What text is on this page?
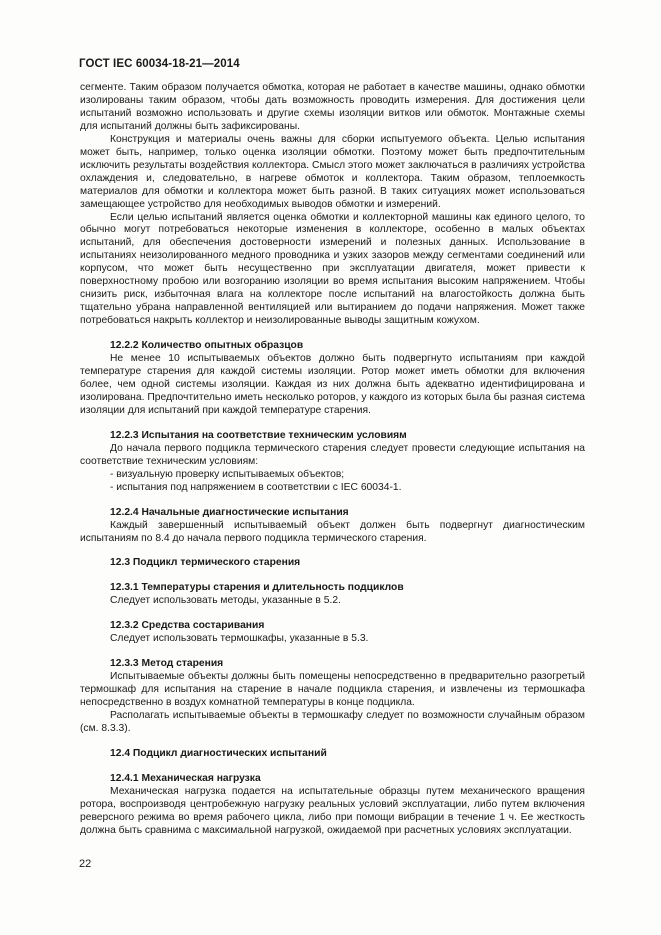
ГОСТ IEC 60034-18-21—2014

сегменте. Таким образом получается обмотка, которая не работает в качестве машины, однако обмотки изолированы таким образом, чтобы дать возможность проводить измерения. Для достижения цели испытаний возможно использовать и другие схемы изоляции витков или обмоток. Монтажные схемы для испытаний должны быть зафиксированы.

Конструкция и материалы очень важны для сборки испытуемого объекта. Целью испытания может быть, например, только оценка изоляции обмотки. Поэтому может быть предпочтительным исключить результаты воздействия коллектора. Смысл этого может заключаться в различиях устройства охлаждения и, следовательно, в нагреве обмоток и коллектора. Таким образом, теплоемкость материалов для обмотки и коллектора может быть разной. В таких ситуациях может использоваться замещающее устройство для необходимых выводов обмотки и измерений.

Если целью испытаний является оценка обмотки и коллекторной машины как единого целого, то обычно могут потребоваться некоторые изменения в коллекторе, особенно в малых объектах испытаний, для обеспечения достоверности измерений и полезных данных. Использование в испытаниях неизолированного медного проводника и узких зазоров между сегментами соединений или корпусом, что может быть несущественно при эксплуатации двигателя, может привести к поверхностному пробою или возгоранию изоляции во время испытания высоким напряжением. Чтобы снизить риск, избыточная влага на коллекторе после испытаний на влагостойкость должна быть тщательно убрана направленной вентиляцией или вытиранием до подачи напряжения. Может также потребоваться накрыть коллектор и неизолированные выводы защитным кожухом.

12.2.2 Количество опытных образцов

Не менее 10 испытываемых объектов должно быть подвергнуто испытаниям при каждой температуре старения для каждой системы изоляции. Ротор может иметь обмотки для включения более, чем одной системы изоляции. Каждая из них должна быть адекватно идентифицирована и изолирована. Предпочтительно иметь несколько роторов, у каждого из которых была бы разная система изоляции для испытаний при каждой температуре старения.

12.2.3 Испытания на соответствие техническим условиям

До начала первого подцикла термического старения следует провести следующие испытания на соответствие техническим условиям:

- визуальную проверку испытываемых объектов;

- испытания под напряжением в соответствии с IEC 60034-1.

12.2.4 Начальные диагностические испытания

Каждый завершенный испытываемый объект должен быть подвергнут диагностическим испытаниям по 8.4 до начала первого подцикла термического старения.

12.3 Подцикл термического старения

12.3.1 Температуры старения и длительность подциклов

Следует использовать методы, указанные в 5.2.

12.3.2 Средства состаривания

Следует использовать термошкафы, указанные в 5.3.

12.3.3 Метод старения

Испытываемые объекты должны быть помещены непосредственно в предварительно разогретый термошкаф для испытания на старение в начале подцикла старения, и извлечены из термошкафа непосредственно в воздух комнатной температуры в конце подцикла.

Располагать испытываемые объекты в термошкафу следует по возможности случайным образом (см. 8.3.3).

12.4 Подцикл диагностических испытаний

12.4.1 Механическая нагрузка

Механическая нагрузка подается на испытательные образцы путем механического вращения ротора, воспроизводя центробежную нагрузку реальных условий эксплуатации, либо путем включения реверсного режима во время рабочего цикла, либо при помощи вибрации в течение 1 ч. Ее жесткость должна быть сравнима с максимальной нагрузкой, ожидаемой при расчетных условиях эксплуатации.

22
